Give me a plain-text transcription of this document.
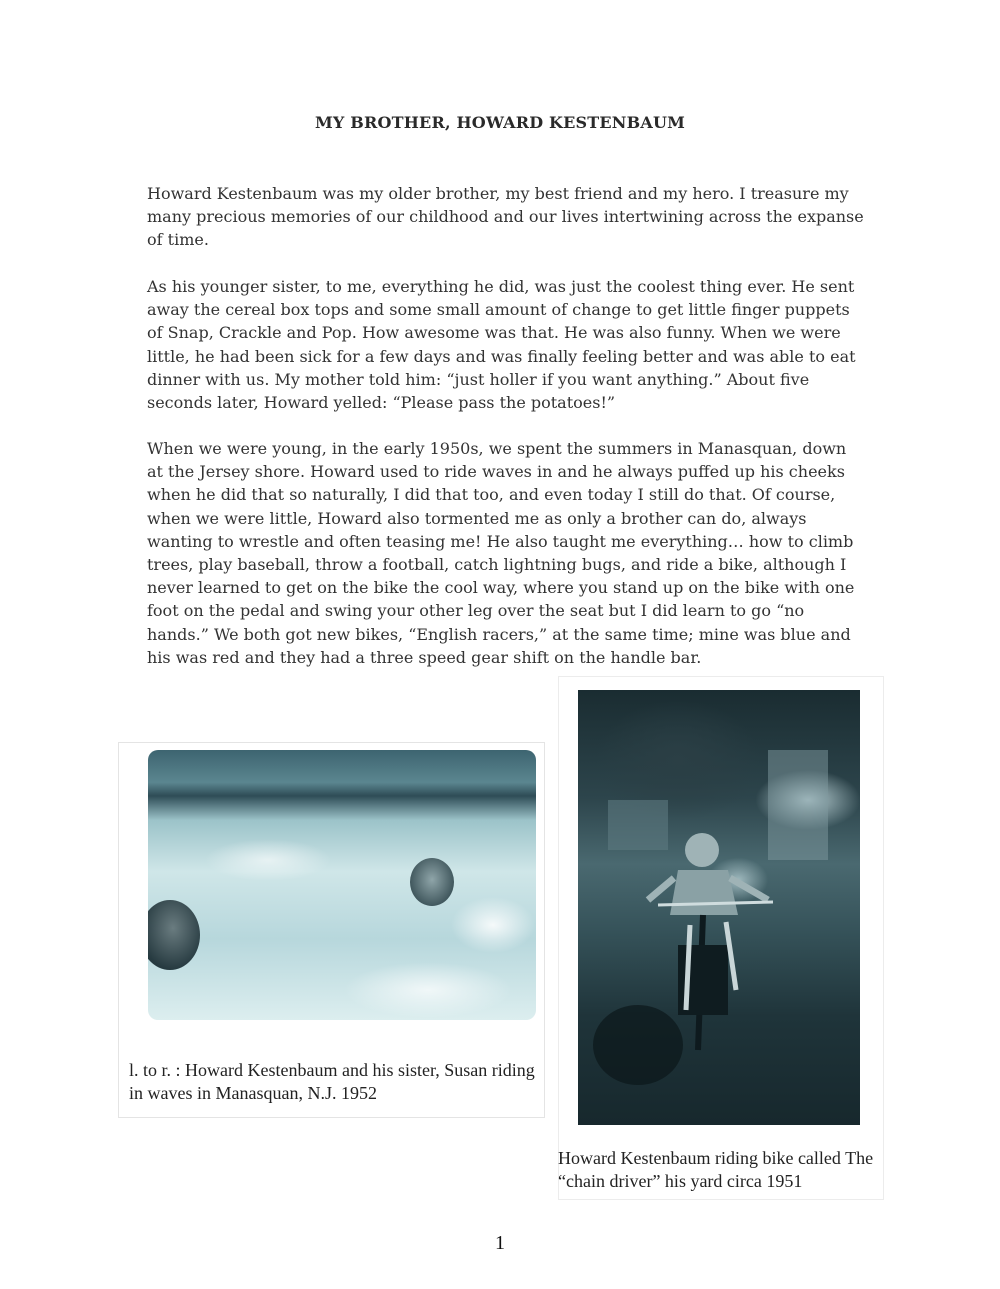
MY BROTHER, HOWARD KESTENBAUM

Howard Kestenbaum was my older brother, my best friend and my hero. I treasure my many precious memories of our childhood and our lives intertwining across the expanse of time.

As his younger sister, to me, everything he did, was just the coolest thing ever. He sent away the cereal box tops and some small amount of change to get little finger puppets of Snap, Crackle and Pop. How awesome was that. He was also funny. When we were little, he had been sick for a few days and was finally feeling better and was able to eat dinner with us. My mother told him: “just holler if you want anything.” About five seconds later, Howard yelled: “Please pass the potatoes!”

When we were young, in the early 1950s, we spent the summers in Manasquan, down at the Jersey shore. Howard used to ride waves in and he always puffed up his cheeks when he did that so naturally, I did that too, and even today I still do that. Of course, when we were little, Howard also tormented me as only a brother can do, always wanting to wrestle and often teasing me! He also taught me everything… how to climb trees, play baseball, throw a football, catch lightning bugs, and ride a bike, although I never learned to get on the bike the cool way, where you stand up on the bike with one foot on the pedal and swing your other leg over the seat but I did learn to go “no hands.” We both got new bikes, “English racers,” at the same time; mine was blue and his was red and they had a three speed gear shift on the handle bar.

l. to r. : Howard Kestenbaum and his sister, Susan riding in waves in Manasquan, N.J. 1952

Howard Kestenbaum riding bike called The “chain driver” his yard circa 1951

1
